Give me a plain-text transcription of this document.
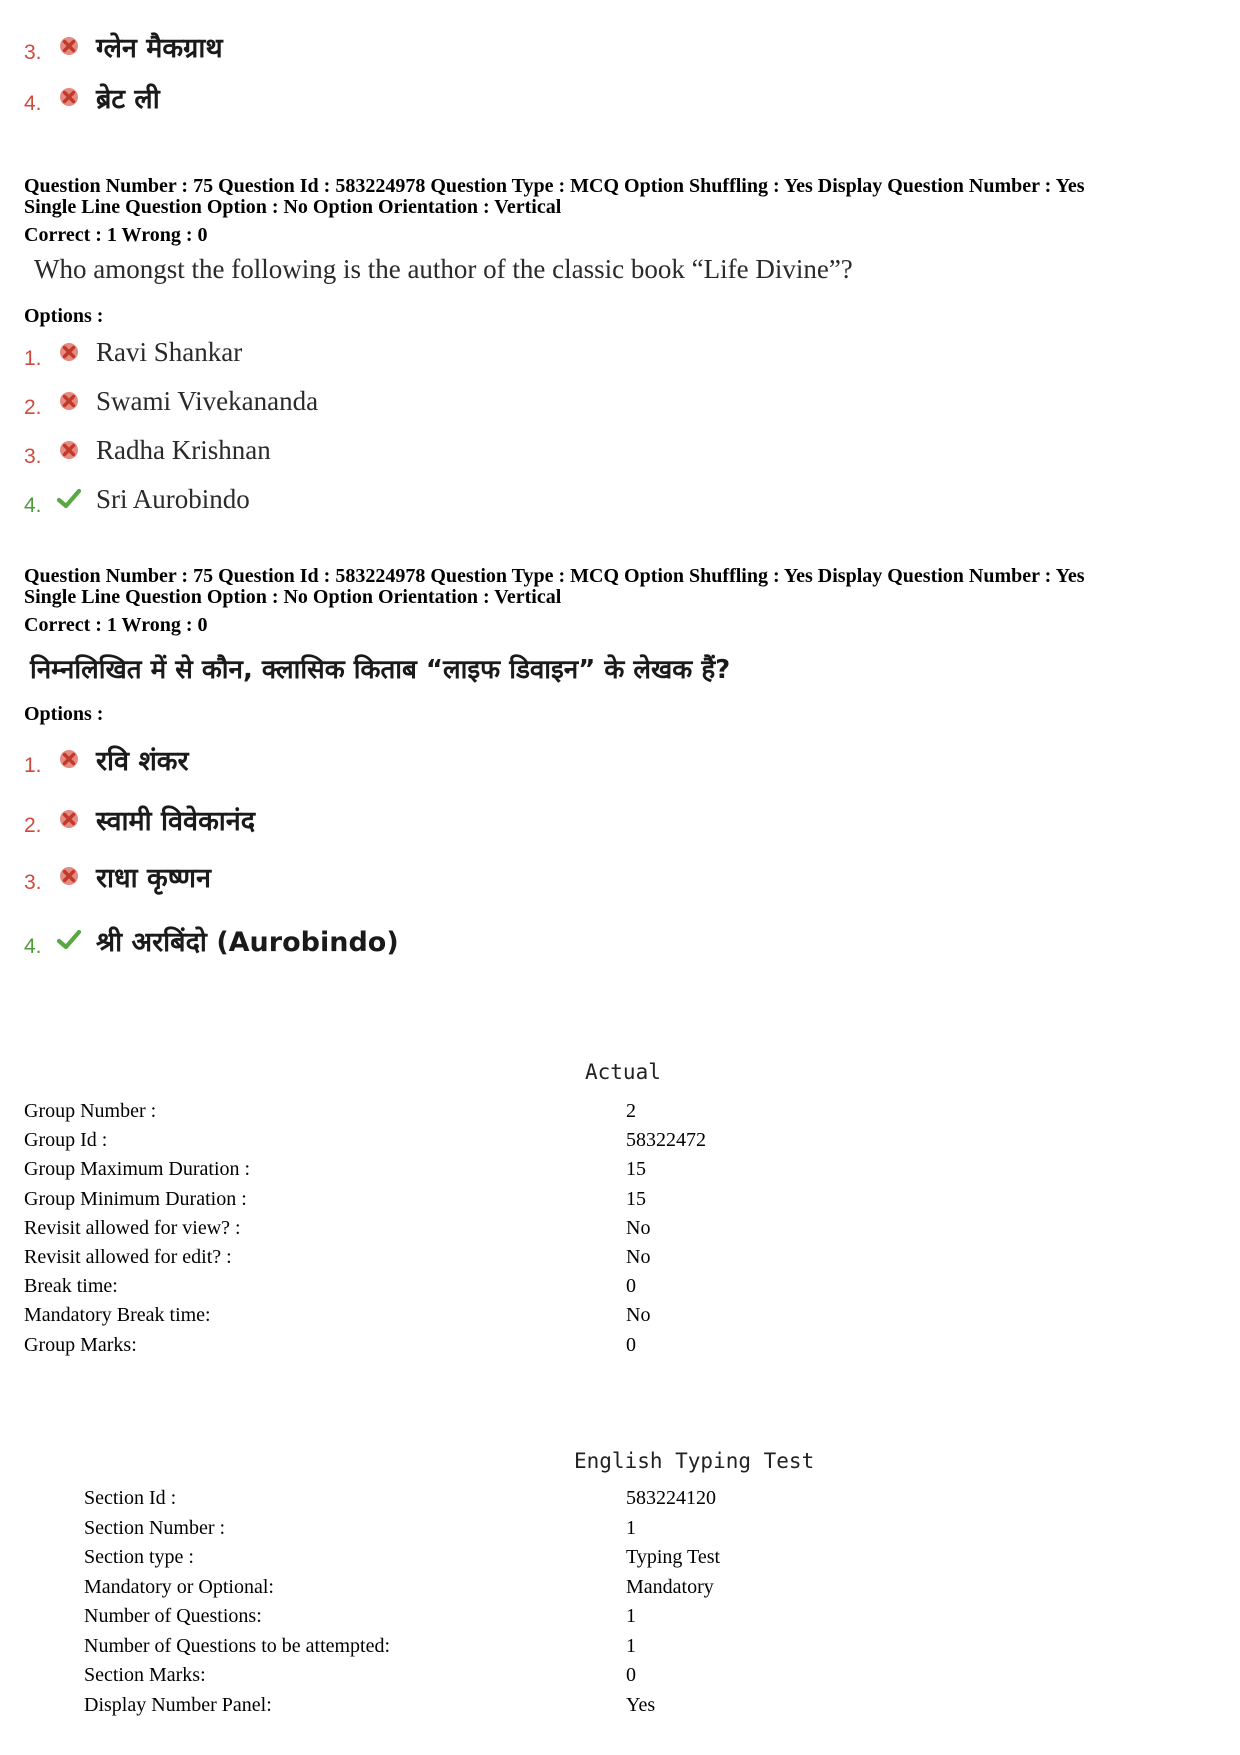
3.	ग्लेन मैकग्राथ
4.	ब्रेट ली
Question Number : 75 Question Id : 583224978 Question Type : MCQ Option Shuffling : Yes Display Question Number : Yes
Single Line Question Option : No Option Orientation : Vertical
Correct : 1 Wrong : 0
Who amongst the following is the author of the classic book “Life Divine”?
Options :
1.	Ravi Shankar
2.	Swami Vivekananda
3.	Radha Krishnan
4.	Sri Aurobindo
Question Number : 75 Question Id : 583224978 Question Type : MCQ Option Shuffling : Yes Display Question Number : Yes
Single Line Question Option : No Option Orientation : Vertical
Correct : 1 Wrong : 0
निम्नलिखित में से कौन, क्लासिक किताब “लाइफ डिवाइन” के लेखक हैं?
Options :
1.	रवि शंकर
2.	स्वामी विवेकानंद
3.	राधा कृष्णन
4.	श्री अरबिंदो (Aurobindo)
Actual
Group Number :	2
Group Id :	58322472
Group Maximum Duration :	15
Group Minimum Duration :	15
Revisit allowed for view? :	No
Revisit allowed for edit? :	No
Break time:	0
Mandatory Break time:	No
Group Marks:	0
English Typing Test
Section Id :	583224120
Section Number :	1
Section type :	Typing Test
Mandatory or Optional:	Mandatory
Number of Questions:	1
Number of Questions to be attempted:	1
Section Marks:	0
Display Number Panel:	Yes
